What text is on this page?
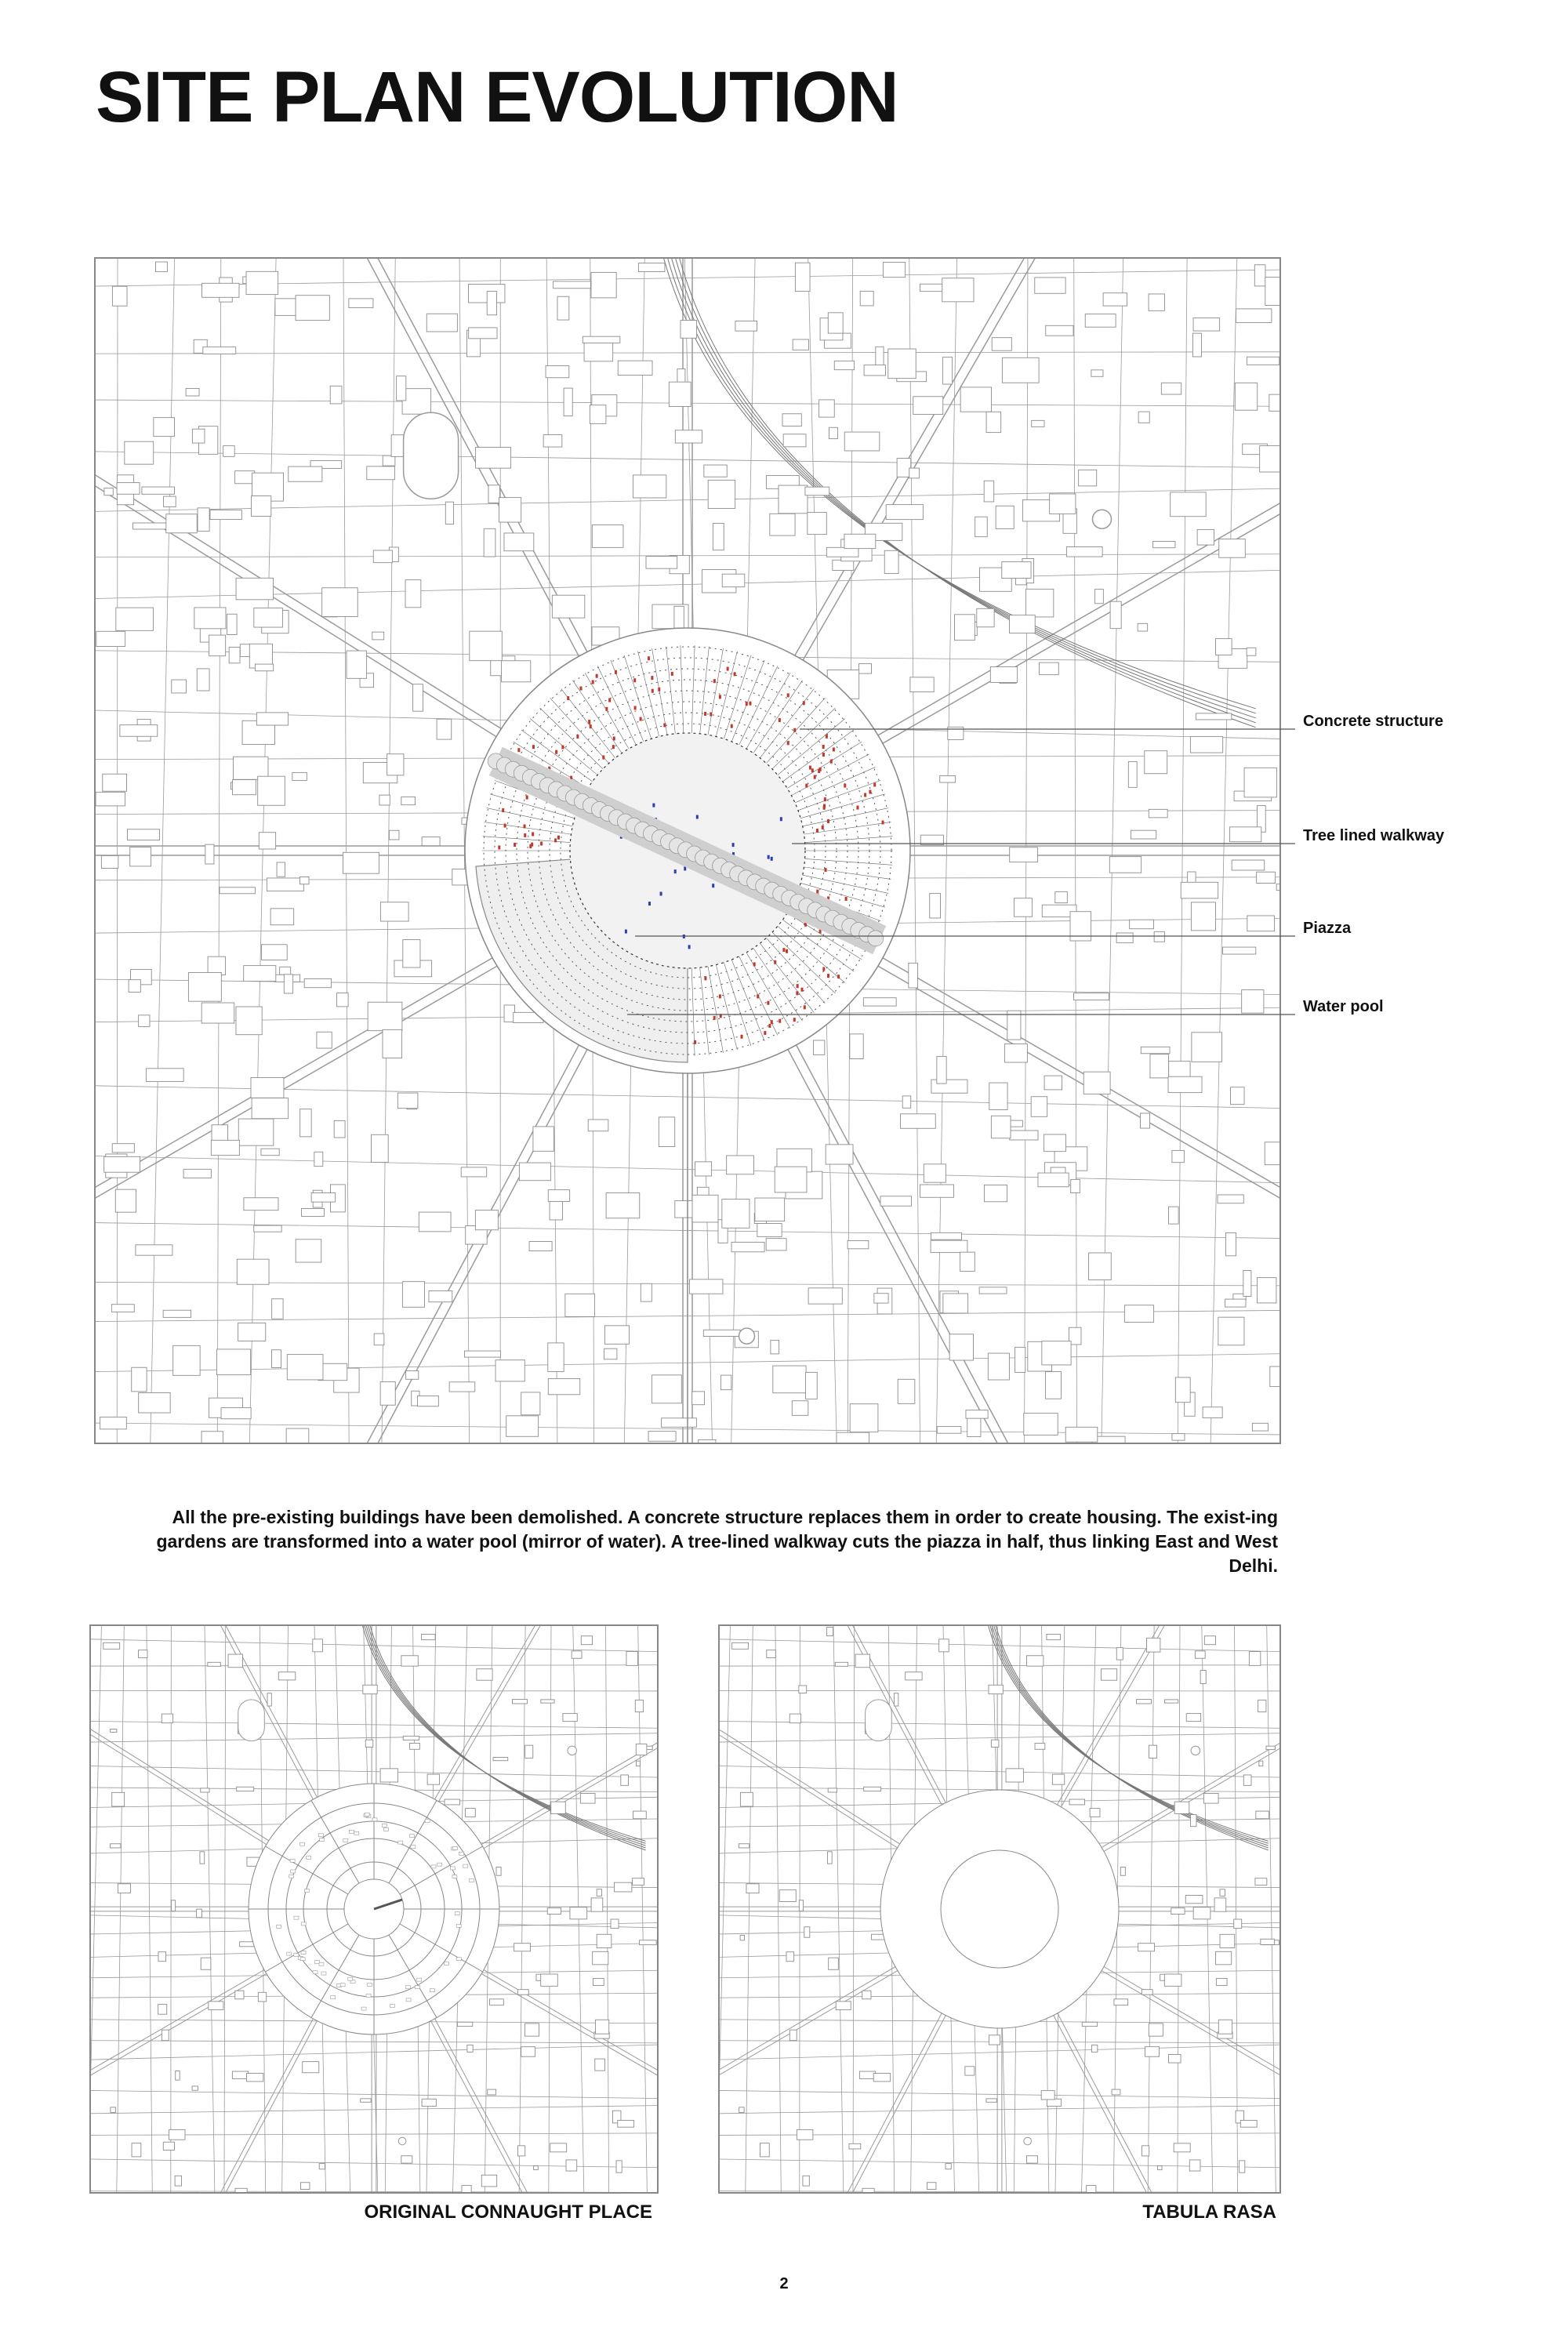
SITE PLAN EVOLUTION
Concrete structure
Tree lined walkway
Piazza
Water pool

All the pre-existing buildings have been demolished. A concrete structure replaces them in order to create housing. The exist-ing gardens are transformed into a water pool (mirror of water). A tree-lined walkway cuts the piazza in half, thus linking East and West Delhi.

ORIGINAL CONNAUGHT PLACE	TABULA RASA
2
